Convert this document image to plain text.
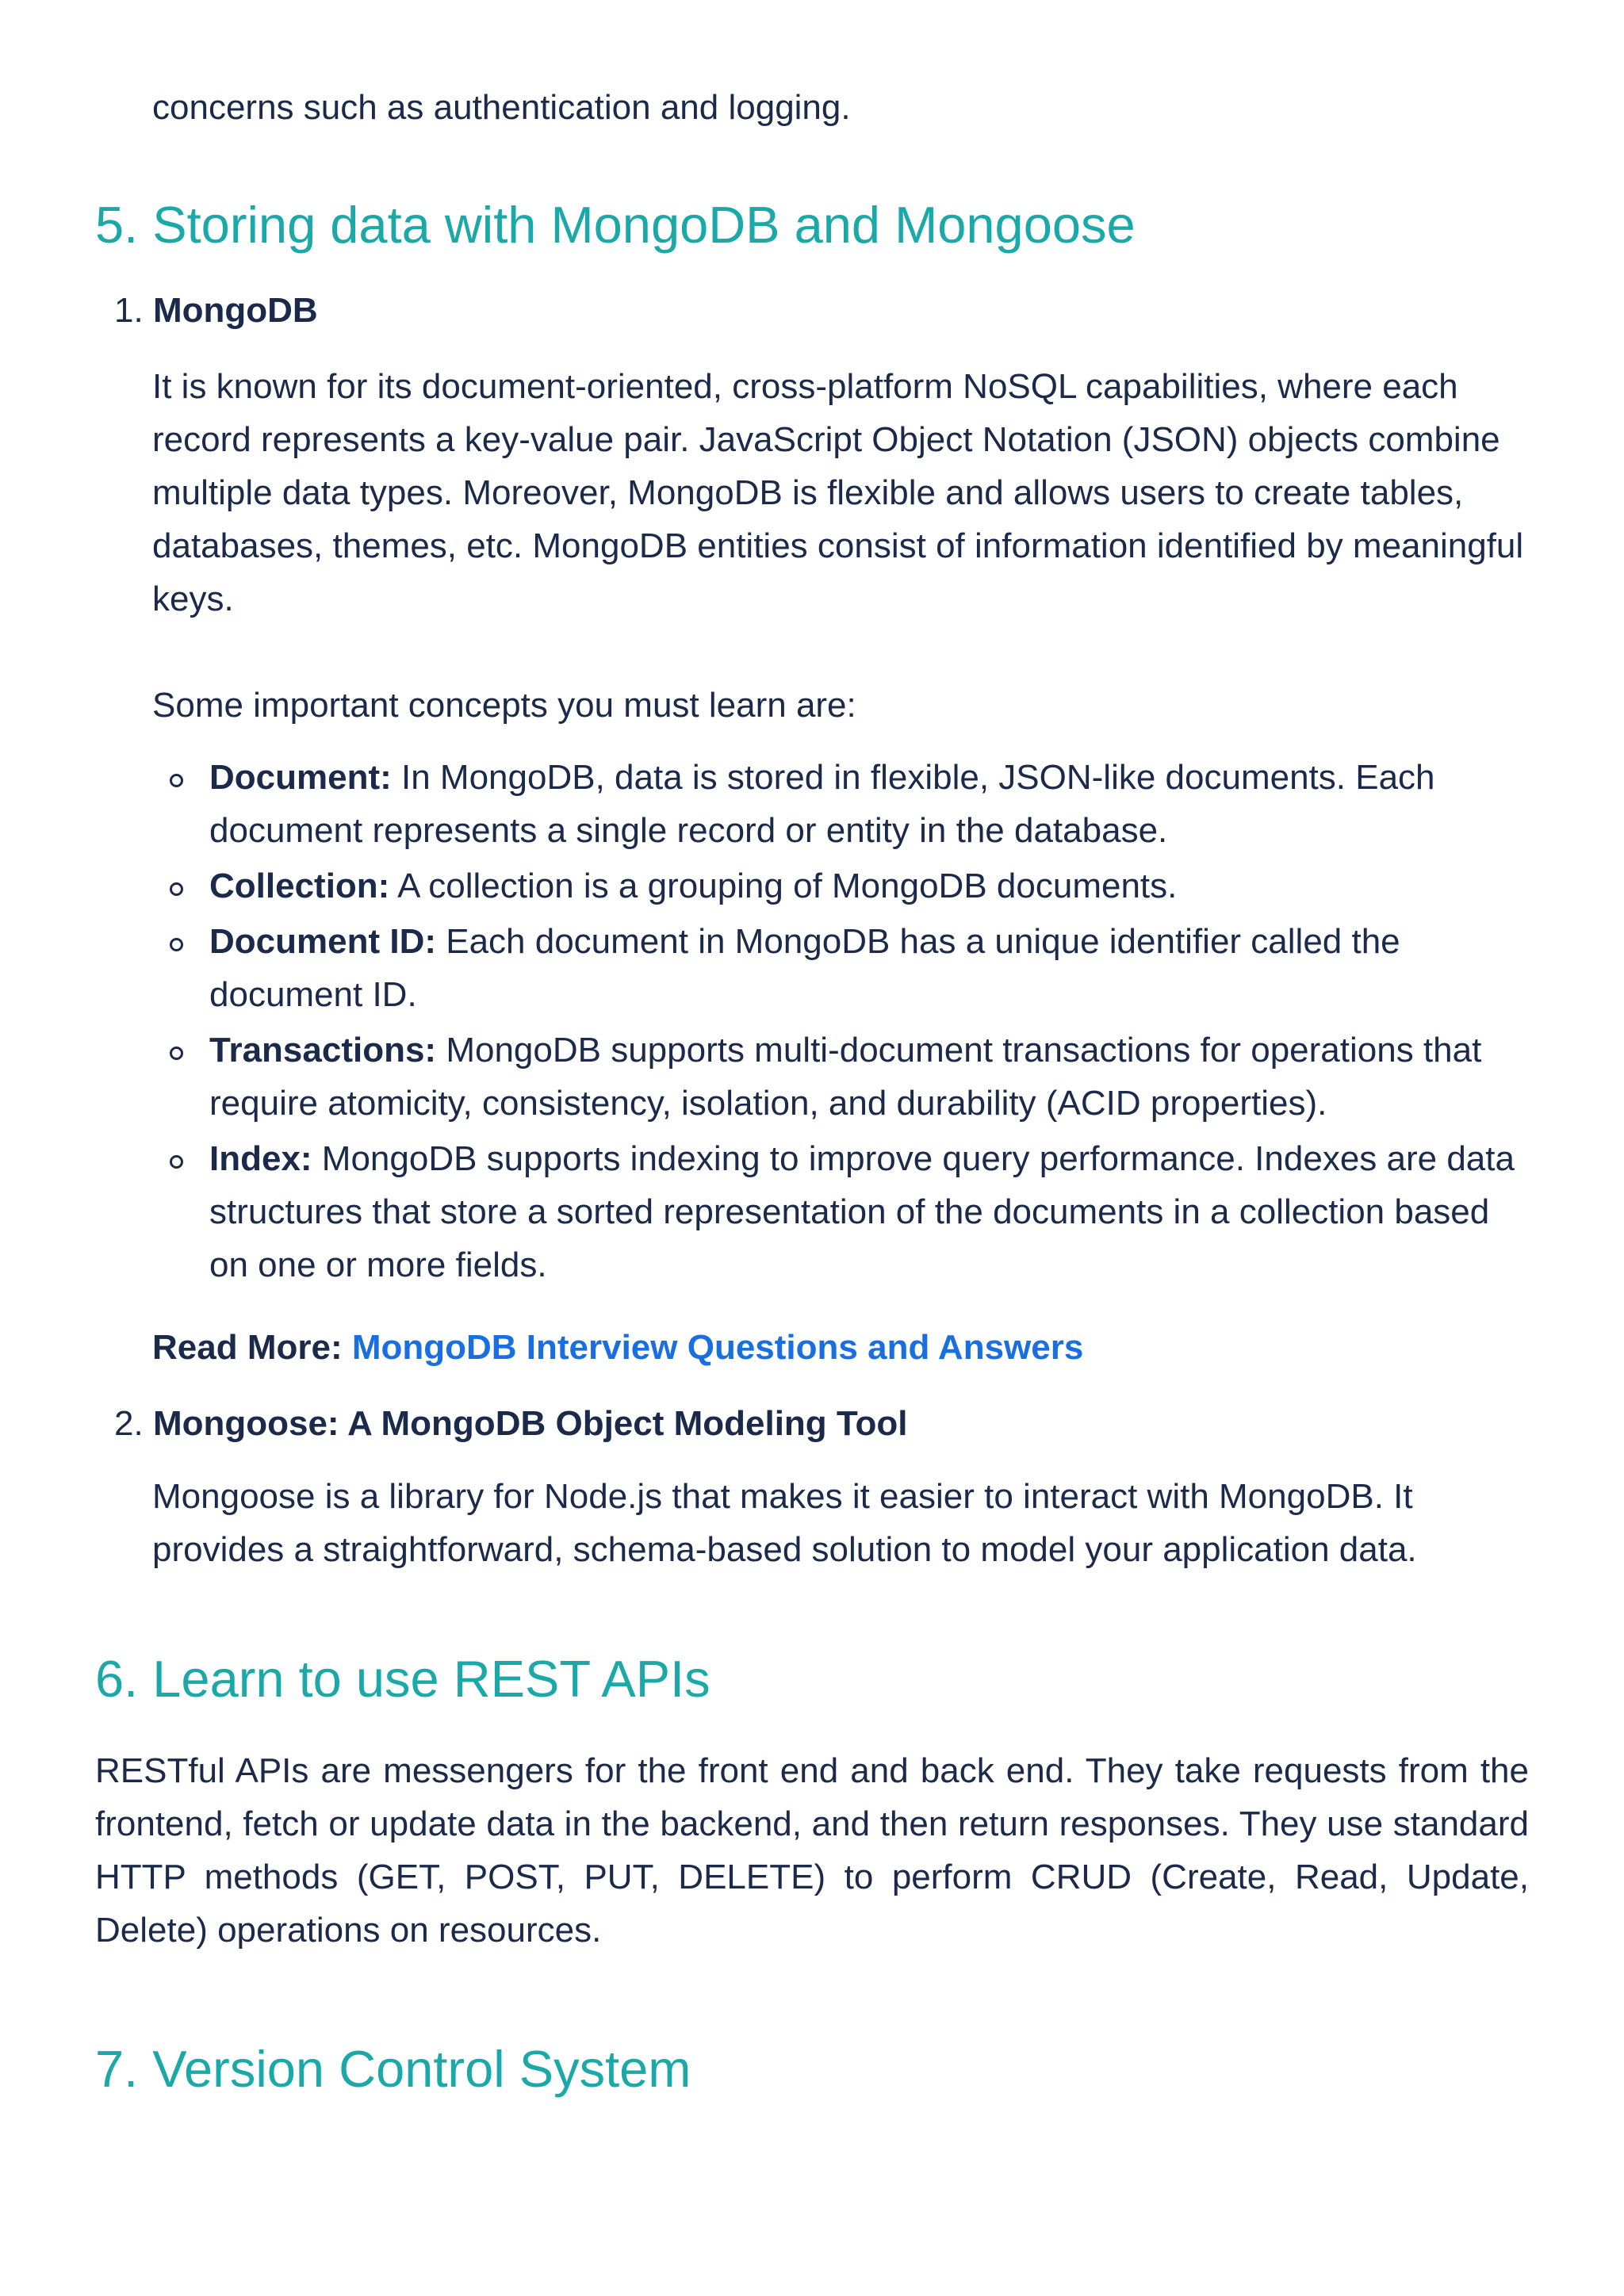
concerns such as authentication and logging.

5. Storing data with MongoDB and Mongoose
1. MongoDB

It is known for its document-oriented, cross-platform NoSQL capabilities, where each record represents a key-value pair. JavaScript Object Notation (JSON) objects combine multiple data types. Moreover, MongoDB is flexible and allows users to create tables, databases, themes, etc. MongoDB entities consist of information identified by meaningful keys.

Some important concepts you must learn are:

Document: In MongoDB, data is stored in flexible, JSON-like documents. Each document represents a single record or entity in the database.
Collection: A collection is a grouping of MongoDB documents.
Document ID: Each document in MongoDB has a unique identifier called the document ID.
Transactions: MongoDB supports multi-document transactions for operations that require atomicity, consistency, isolation, and durability (ACID properties).
Index: MongoDB supports indexing to improve query performance. Indexes are data structures that store a sorted representation of the documents in a collection based on one or more fields.
Read More: MongoDB Interview Questions and Answers
2. Mongoose: A MongoDB Object Modeling Tool

Mongoose is a library for Node.js that makes it easier to interact with MongoDB. It provides a straightforward, schema-based solution to model your application data.

6. Learn to use REST APIs

RESTful APIs are messengers for the front end and back end. They take requests from the frontend, fetch or update data in the backend, and then return responses. They use standard HTTP methods (GET, POST, PUT, DELETE) to perform CRUD (Create, Read, Update, Delete) operations on resources.

7. Version Control System
